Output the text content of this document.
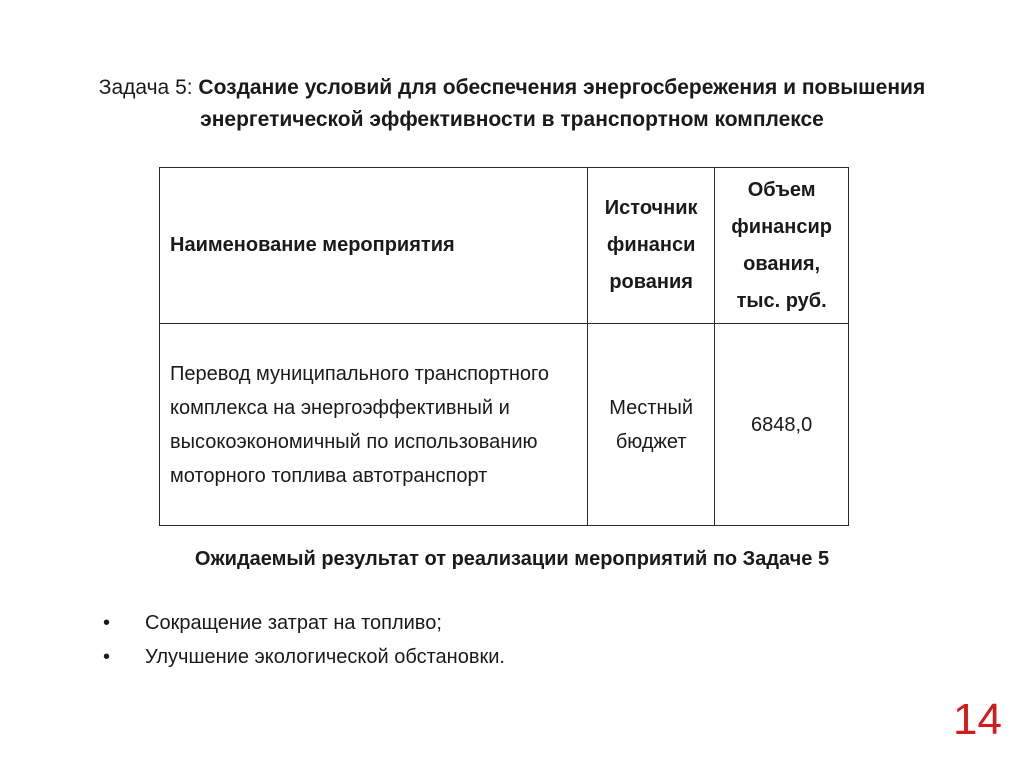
Задача 5: Создание условий для обеспечения энергосбережения и повышения энергетической эффективности в транспортном комплексе
Наименование мероприятия	Источник финанси рования	Объем финансир ования, тыс. руб.
Перевод муниципального транспортного комплекса на энергоэффективный и высокоэкономичный по использованию моторного топлива автотранспорт	Местный бюджет	6848,0
Ожидаемый результат от реализации мероприятий по Задаче 5
• Сокращение затрат на топливо;
• Улучшение экологической обстановки.
14
